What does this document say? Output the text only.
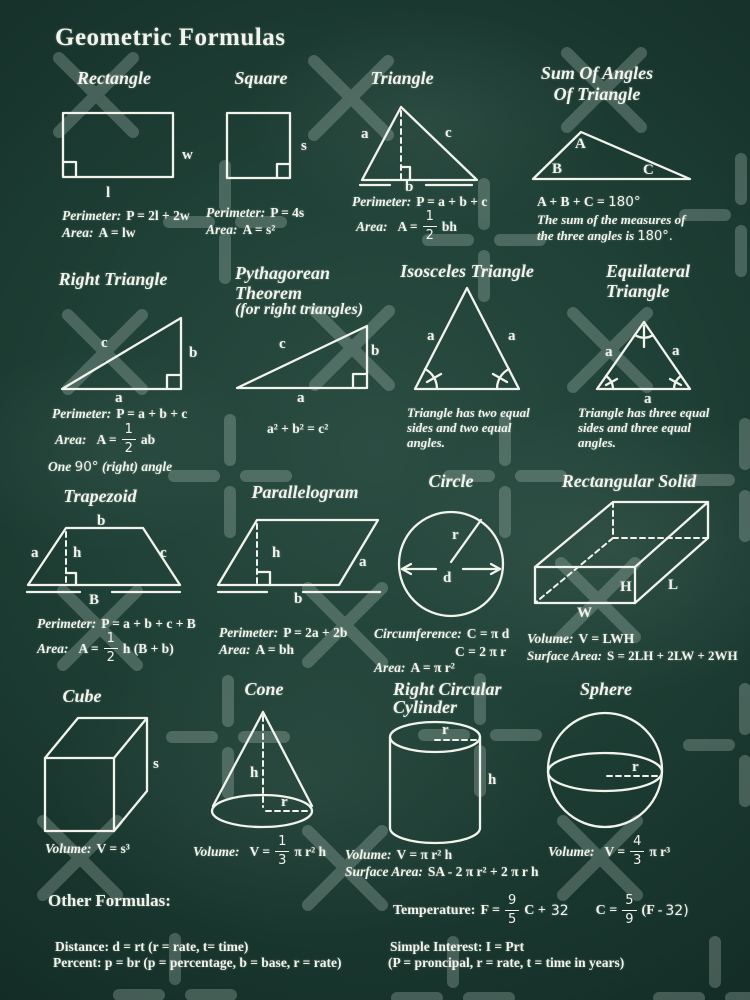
Geometric Formulas
Rectangle
w
l
Perimeter: P = 2l + 2w
Area: A = lw
Square
s
Perimeter: P = 4s
Area: A = s²
Triangle
a	c
b
Perimeter: P = a + b + c
Area: $A = \frac{1}{2}$ bh
Sum Of Angles
Of Triangle
A
B	C
A + B + C = 180°
The sum of the measures of
the three angles is 180°.
Right Triangle
c
b
a
Perimeter: P = a + b + c
Area: $A = \frac{1}{2}$ ab
One 90° (right) angle
Pythagorean
Theorem
(for right triangles)
c	b
a
a² + b² = c²
Isosceles Triangle
a	a
Triangle has two equal
sides and two equal
angles.
Equilateral
Triangle
a	a
a
Triangle has three equal
sides and three equal
angles.
Trapezoid
b
a h	c
B
Perimeter: P = a + b + c + B
Area: $A = \frac{1}{2}$ h (B + b)
Parallelogram
h
a
b
Perimeter: P = 2a + 2b
Area: A = bh
Circle
r
d
Circumference: C = π d
C = 2 π r
Area: A = π r²
Rectangular Solid
H L
W
Volume: V = LWH
Surface Area: S = 2LH + 2LW + 2WH
Cube
s
Volume: V = s³
Cone
h
r
Volume: $V = \frac{1}{3}$ π r² h
Right Circular
Cylinder
r
h
Volume: V = π r² h
Surface Area: SA - 2 π r² + 2 π r h
Sphere
r
Volume: $V = \frac{4}{3}$ π r³
Other Formulas:
Temperature: $F = \frac{9}{5}$ C + 32 $C = \frac{5}{9} (F - 32)$
Distance: d = rt (r = rate, t= time)
Percent: p = br (p = percentage, b = base, r = rate)
Simple Interest: I = Prt
(P = proncipal, r = rate, t = time in years)
